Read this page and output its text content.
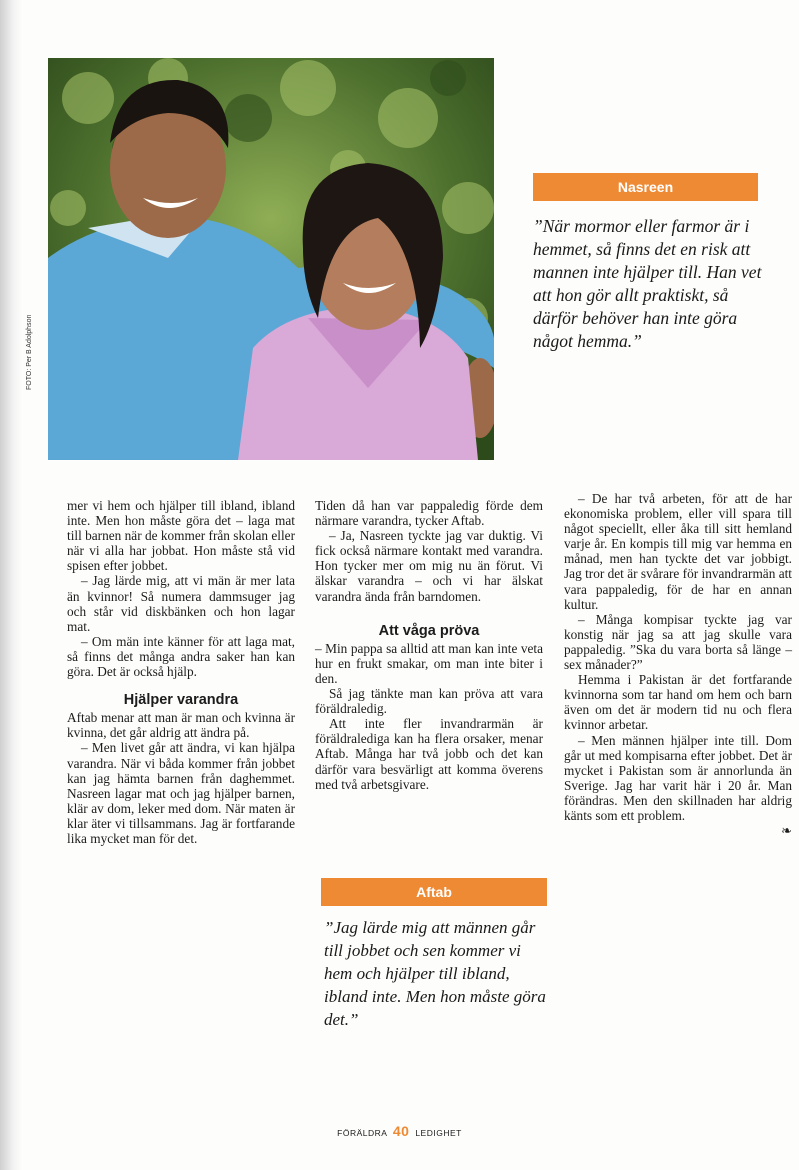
FOTO: Per B Adolphson
Nasreen
”När mormor eller farmor är i hemmet, så finns det en risk att mannen inte hjälper till. Han vet att hon gör allt praktiskt, så därför behöver han inte göra något hemma.”

mer vi hem och hjälper till ibland, ibland inte. Men hon måste göra det – laga mat till barnen när de kommer från skolan eller när vi alla har jobbat. Hon måste stå vid spisen efter jobbet.

– Jag lärde mig, att vi män är mer lata än kvinnor! Så numera dammsuger jag och står vid diskbänken och hon lagar mat.

– Om män inte känner för att laga mat, så finns det många andra saker han kan göra. Det är också hjälp.

Hjälper varandra

Aftab menar att man är man och kvinna är kvinna, det går aldrig att ändra på.

– Men livet går att ändra, vi kan hjälpa varandra. När vi båda kommer från jobbet kan jag hämta barnen från daghemmet. Nasreen lagar mat och jag hjälper barnen, klär av dom, leker med dom. När maten är klar äter vi tillsammans. Jag är fortfarande lika mycket man för det.

Tiden då han var pappaledig förde dem närmare varandra, tycker Aftab.

– Ja, Nasreen tyckte jag var duktig. Vi fick också närmare kontakt med varandra. Hon tycker mer om mig nu än förut. Vi älskar varandra – och vi har älskat varandra ända från barndomen.

Att våga pröva

– Min pappa sa alltid att man kan inte veta hur en frukt smakar, om man inte biter i den.

Så jag tänkte man kan pröva att vara föräldraledig.

Att inte fler invandrarmän är föräldralediga kan ha flera orsaker, menar Aftab. Många har två jobb och det kan därför vara besvärligt att komma överens med två arbetsgivare.

Aftab
”Jag lärde mig att männen går till jobbet och sen kommer vi hem och hjälper till ibland, ibland inte. Men hon måste göra det.”

– De har två arbeten, för att de har ekonomiska problem, eller vill spara till något speciellt, eller åka till sitt hemland varje år. En kompis till mig var hemma en månad, men han tyckte det var jobbigt. Jag tror det är svårare för invandrarmän att vara pappaledig, för de har en annan kultur.

– Många kompisar tyckte jag var konstig när jag sa att jag skulle vara pappaledig. ”Ska du vara borta så länge – sex månader?”

Hemma i Pakistan är det fortfarande kvinnorna som tar hand om hem och barn även om det är modern tid nu och flera kvinnor arbetar.

– Men männen hjälper inte till. Dom går ut med kompisarna efter jobbet. Det är mycket i Pakistan som är annorlunda än Sverige. Jag har varit här i 20 år. Man förändras. Men den skillnaden har aldrig känts som ett problem.

❧
FÖRÄLDRA 40 LEDIGHET
